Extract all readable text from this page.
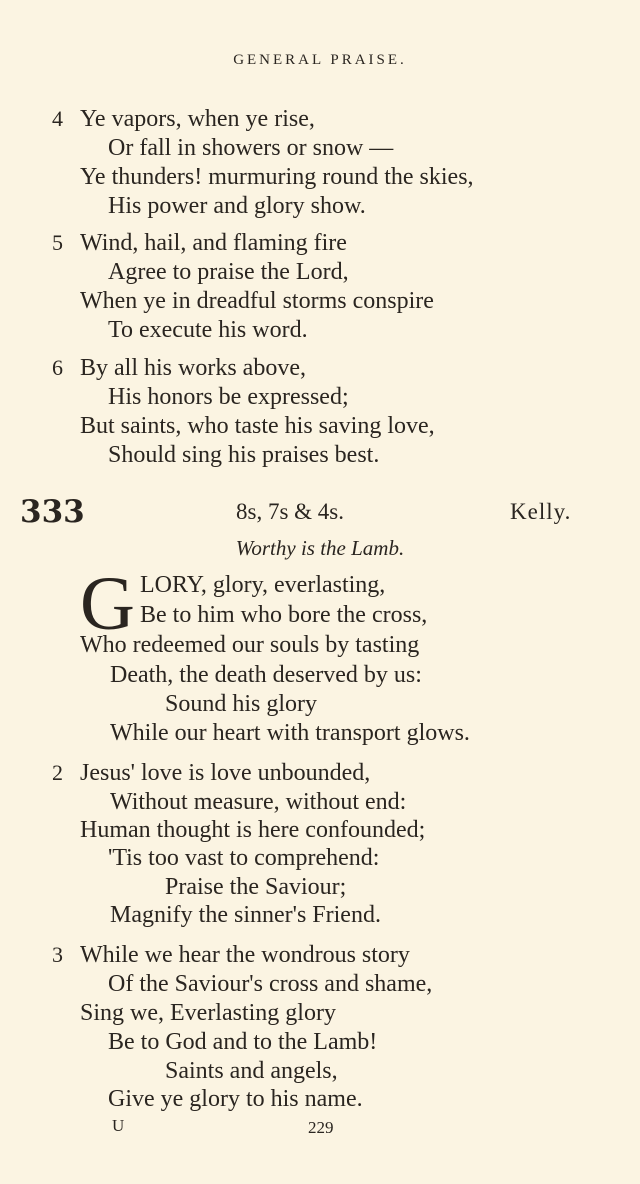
GENERAL PRAISE.
4 Ye vapors, when ye rise,
Or fall in showers or snow —
Ye thunders! murmuring round the skies,
His power and glory show.
5 Wind, hail, and flaming fire
Agree to praise the Lord,
When ye in dreadful storms conspire
To execute his word.
6 By all his works above,
His honors be expressed;
But saints, who taste his saving love,
Should sing his praises best.
333	8s, 7s & 4s.	Kelly.
Worthy is the Lamb.
G LORY, glory, everlasting,
Be to him who bore the cross,
Who redeemed our souls by tasting
Death, the death deserved by us:
Sound his glory
While our heart with transport glows.
2 Jesus' love is love unbounded,
Without measure, without end:
Human thought is here confounded;
'Tis too vast to comprehend:
Praise the Saviour;
Magnify the sinner's Friend.
3 While we hear the wondrous story
Of the Saviour's cross and shame,
Sing we, Everlasting glory
Be to God and to the Lamb!
Saints and angels,
Give ye glory to his name.
U	229
